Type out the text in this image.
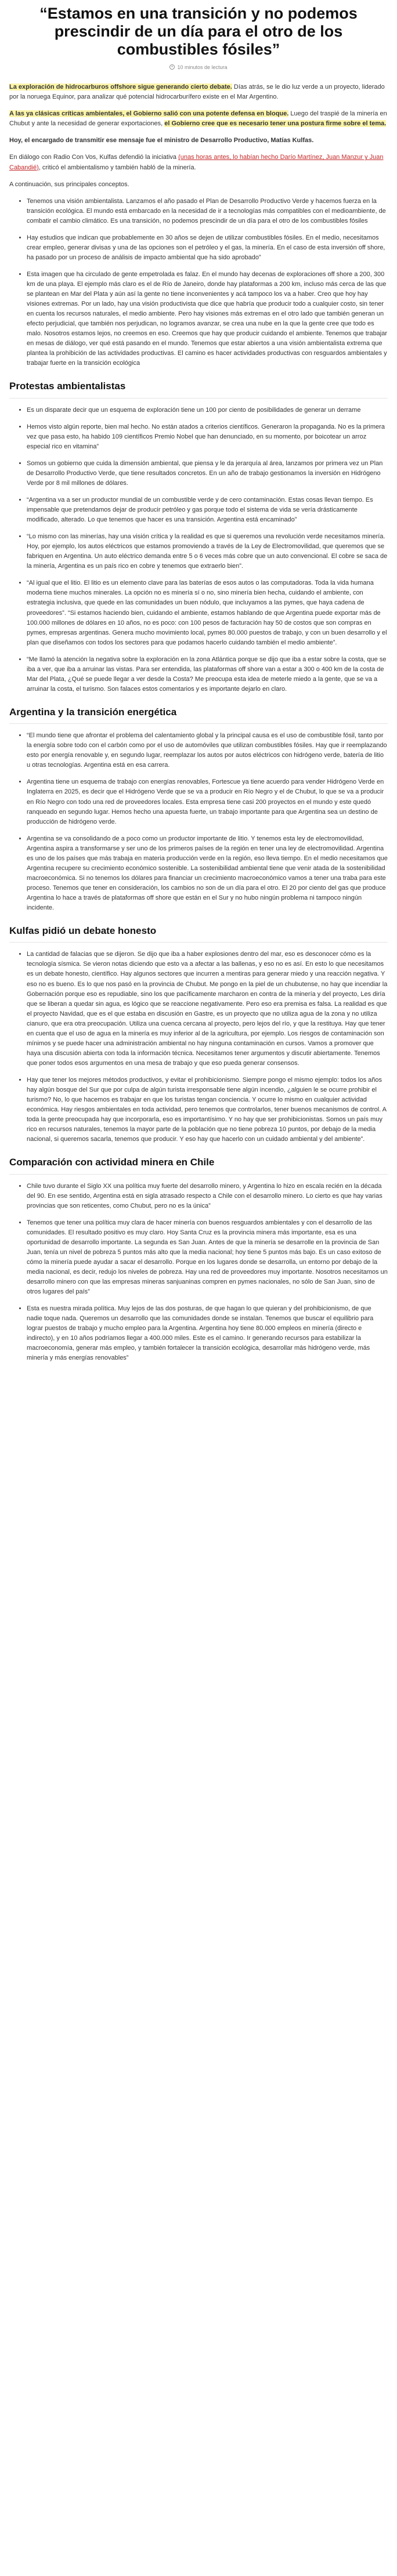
“Estamos en una transición y no podemos prescindir de un día para el otro de los combustibles fósiles”
10 minutos de lectura

La exploración de hidrocarburos offshore sigue generando cierto debate. Días atrás, se le dio luz verde a un proyecto, liderado por la noruega Equinor, para analizar qué potencial hidrocarburífero existe en el Mar Argentino.

A las ya clásicas críticas ambientales, el Gobierno salió con una potente defensa en bloque. Luego del traspié de la minería en Chubut y ante la necesidad de generar exportaciones, el Gobierno cree que es necesario tener una postura firme sobre el tema.

Hoy, el encargado de transmitir ese mensaje fue el ministro de Desarrollo Productivo, Matías Kulfas.

En diálogo con Radio Con Vos, Kulfas defendió la iniciativa (unas horas antes, lo habían hecho Darío Martínez, Juan Manzur y Juan Cabandié), criticó el ambientalismo y también habló de la minería.

A continuación, sus principales conceptos.

• Tenemos una visión ambientalista. Lanzamos el año pasado el Plan de Desarrollo Productivo Verde y hacemos fuerza en la transición ecológica. El mundo está embarcado en la necesidad de ir a tecnologías más compatibles con el medioambiente, de combatir el cambio climático. Es una transición, no podemos prescindir de un día para el otro de los combustibles fósiles
• Hay estudios que indican que probablemente en 30 años se dejen de utilizar combustibles fósiles. En el medio, necesitamos crear empleo, generar divisas y una de las opciones son el petróleo y el gas, la minería. En el caso de esta inversión off shore, ha pasado por un proceso de análisis de impacto ambiental que ha sido aprobado”
• Esta imagen que ha circulado de gente empetrolada es falaz. En el mundo hay decenas de exploraciones off shore a 200, 300 km de una playa. El ejemplo más claro es el de Río de Janeiro, donde hay plataformas a 200 km, incluso más cerca de las que se plantean en Mar del Plata y aún así la gente no tiene inconvenientes y acá tampoco los va a haber. Creo que hoy hay visiones extremas. Por un lado, hay una visión productivista que dice que habría que producir todo a cualquier costo, sin tener en cuenta los recursos naturales, el medio ambiente. Pero hay visiones más extremas en el otro lado que también generan un efecto perjudicial, que también nos perjudican, no logramos avanzar, se crea una nube en la que la gente cree que todo es malo. Nosotros estamos lejos, no creemos en eso. Creemos que hay que producir cuidando el ambiente. Tenemos que trabajar en mesas de diálogo, ver qué está pasando en el mundo. Tenemos que estar abiertos a una visión ambientalista extrema que plantea la prohibición de las actividades productivas. El camino es hacer actividades productivas con resguardos ambientales y trabajar fuerte en la transición ecológica
Protestas ambientalistas
• Es un disparate decir que un esquema de exploración tiene un 100 por ciento de posibilidades de generar un derrame
• Hemos visto algún reporte, bien mal hecho. No están atados a criterios científicos. Generaron la propaganda. No es la primera vez que pasa esto, ha habido 109 científicos Premio Nobel que han denunciado, en su momento, por boicotear un arroz especial rico en vitamina”
• Somos un gobierno que cuida la dimensión ambiental, que piensa y le da jerarquía al área, lanzamos por primera vez un Plan de Desarrollo Productivo Verde, que tiene resultados concretos. En un año de trabajo gestionamos la inversión en Hidrógeno Verde por 8 mil millones de dólares.
• “Argentina va a ser un productor mundial de un combustible verde y de cero contaminación. Estas cosas llevan tiempo. Es impensable que pretendamos dejar de producir petróleo y gas porque todo el sistema de vida se vería drásticamente modificado, alterado. Lo que tenemos que hacer es una transición. Argentina está encaminado”
• “Lo mismo con las minerías, hay una visión crítica y la realidad es que si queremos una revolución verde necesitamos minería. Hoy, por ejemplo, los autos eléctricos que estamos promoviendo a través de la Ley de Electromovilidad, que queremos que se fabriquen en Argentina. Un auto eléctrico demanda entre 5 o 6 veces más cobre que un auto convencional. El cobre se saca de la minería, Argentina es un país rico en cobre y tenemos que extraerlo bien”.
• “Al igual que el litio. El litio es un elemento clave para las baterías de esos autos o las computadoras. Toda la vida humana moderna tiene muchos minerales. La opción no es minería sí o no, sino minería bien hecha, cuidando el ambiente, con estrategia inclusiva, que quede en las comunidades un buen nódulo, que incluyamos a las pymes, que haya cadena de proveedores”. “Si estamos haciendo bien, cuidando el ambiente, estamos hablando de que Argentina puede exportar más de 100.000 millones de dólares en 10 años, no es poco: con 100 pesos de facturación hay 50 de costos que son compras en pymes, empresas argentinas. Genera mucho movimiento local, pymes 80.000 puestos de trabajo, y con un buen desarrollo y el plan que diseñamos con todos los sectores para que podamos hacerlo cuidando también el medio ambiente”.
• “Me llamó la atención la negativa sobre la exploración en la zona Atlántica porque se dijo que iba a estar sobre la costa, que se iba a ver, que iba a arruinar las vistas. Para ser entendida, las plataformas off shore van a estar a 300 o 400 km de la costa de Mar del Plata, ¿Qué se puede llegar a ver desde la Costa? Me preocupa esta idea de meterle miedo a la gente, que se va a arruinar la costa, el turismo. Son falaces estos comentarios y es importante dejarlo en claro.
Argentina y la transición energética
• “El mundo tiene que afrontar el problema del calentamiento global y la principal causa es el uso de combustible fósil, tanto por la energía sobre todo con el carbón como por el uso de automóviles que utilizan combustibles fósiles. Hay que ir reemplazando esto por energía renovable y, en segundo lugar, reemplazar los autos por autos eléctricos con hidrógeno verde, batería de litio u otras tecnologías. Argentina está en esa carrera.
• Argentina tiene un esquema de trabajo con energías renovables, Fortescue ya tiene acuerdo para vender Hidrógeno Verde en Inglaterra en 2025, es decir que el Hidrógeno Verde que se va a producir en Río Negro y el de Chubut, lo que se va a producir en Río Negro con todo una red de proveedores locales. Esta empresa tiene casi 200 proyectos en el mundo y este quedó ranqueado en segundo lugar. Hemos hecho una apuesta fuerte, un trabajo importante para que Argentina sea un destino de producción de hidrógeno verde.
• Argentina se va consolidando de a poco como un productor importante de litio. Y tenemos esta ley de electromovilidad, Argentina aspira a transformarse y ser uno de los primeros países de la región en tener una ley de electromovilidad. Argentina es uno de los países que más trabaja en materia producción verde en la región, eso lleva tiempo. En el medio necesitamos que Argentina recupere su crecimiento económico sostenible. La sostenibilidad ambiental tiene que venir atada de la sostenibilidad macroeconómica. Si no tenemos los dólares para financiar un crecimiento macroeconómico vamos a tener una traba para este proceso. Tenemos que tener en consideración, los cambios no son de un día para el otro. El 20 por ciento del gas que produce Argentina lo hace a través de plataformas off shore que están en el Sur y no hubo ningún problema ni tampoco ningún incidente.
Kulfas pidió un debate honesto
• La cantidad de falacias que se dijeron. Se dijo que iba a haber explosiones dentro del mar, eso es desconocer cómo es la tecnología sísmica. Se vieron notas diciendo que esto va a afectar a las ballenas, y eso no es así. En esto lo que necesitamos es un debate honesto, científico. Hay algunos sectores que incurren a mentiras para generar miedo y una reacción negativa. Y eso no es bueno. Es lo que nos pasó en la provincia de Chubut. Me pongo en la piel de un chubutense, no hay que incendiar la Gobernación porque eso es repudiable, sino los que pacíficamente marcharon en contra de la minería y del proyecto, Les diría que se liberan a quedar sin agua, es lógico que se reaccione negativamente. Pero eso era premisa es falsa. La realidad es que el proyecto Navidad, que es el que estaba en discusión en Gastre, es un proyecto que no utiliza agua de la zona y no utiliza cianuro, que era otra preocupación. Utiliza una cuenca cercana al proyecto, pero lejos del río, y que la restituya. Hay que tener en cuenta que el uso de agua en la minería es muy inferior al de la agricultura, por ejemplo. Los riesgos de contaminación son mínimos y se puede hacer una administración ambiental no hay ninguna contaminación en cursos. Vamos a promover que haya una discusión abierta con toda la información técnica. Necesitamos tener argumentos y discutir abiertamente. Tenemos que poner todos esos argumentos en una mesa de trabajo y que eso pueda generar consensos.
• Hay que tener los mejores métodos productivos, y evitar el prohibicionismo. Siempre pongo el mismo ejemplo: todos los años hay algún bosque del Sur que por culpa de algún turista irresponsable tiene algún incendio, ¿alguien le se ocurre prohibir el turismo? No, lo que hacemos es trabajar en que los turistas tengan conciencia. Y ocurre lo mismo en cualquier actividad económica. Hay riesgos ambientales en toda actividad, pero tenemos que controlarlos, tener buenos mecanismos de control. A toda la gente preocupada hay que incorporarla, eso es importantísimo. Y no hay que ser prohibicionistas. Somos un país muy rico en recursos naturales, tenemos la mayor parte de la población que no tiene pobreza 10 puntos, por debajo de la media nacional, si queremos sacarla, tenemos que producir. Y eso hay que hacerlo con un cuidado ambiental y del ambiente”.
Comparación con actividad minera en Chile
• Chile tuvo durante el Siglo XX una política muy fuerte del desarrollo minero, y Argentina lo hizo en escala recién en la década del 90. En ese sentido, Argentina está en sigla atrasado respecto a Chile con el desarrollo minero. Lo cierto es que hay varias provincias que son reticentes, como Chubut, pero no es la única”
• Tenemos que tener una política muy clara de hacer minería con buenos resguardos ambientales y con el desarrollo de las comunidades. El resultado positivo es muy claro. Hoy Santa Cruz es la provincia minera más importante, esa es una oportunidad de desarrollo importante. La segunda es San Juan. Antes de que la minería se desarrolle en la provincia de San Juan, tenía un nivel de pobreza 5 puntos más alto que la media nacional; hoy tiene 5 puntos más bajo. Es un caso exitoso de cómo la minería puede ayudar a sacar el desarrollo. Porque en los lugares donde se desarrolla, un entorno por debajo de la media nacional, es decir, redujo los niveles de pobreza. Hay una red de proveedores muy importante. Nosotros necesitamos un desarrollo minero con que las empresas mineras sanjuaninas compren en pymes nacionales, no sólo de San Juan, sino de otros lugares del país”
• Esta es nuestra mirada política. Muy lejos de las dos posturas, de que hagan lo que quieran y del prohibicionismo, de que nadie toque nada. Queremos un desarrollo que las comunidades donde se instalan. Tenemos que buscar el equilibrio para lograr puestos de trabajo y mucho empleo para la Argentina. Argentina hoy tiene 80.000 empleos en minería (directo e indirecto), y en 10 años podríamos llegar a 400.000 miles. Este es el camino. Ir generando recursos para estabilizar la macroeconomía, generar más empleo, y también fortalecer la transición ecológica, desarrollar más hidrógeno verde, más minería y más energías renovables”
